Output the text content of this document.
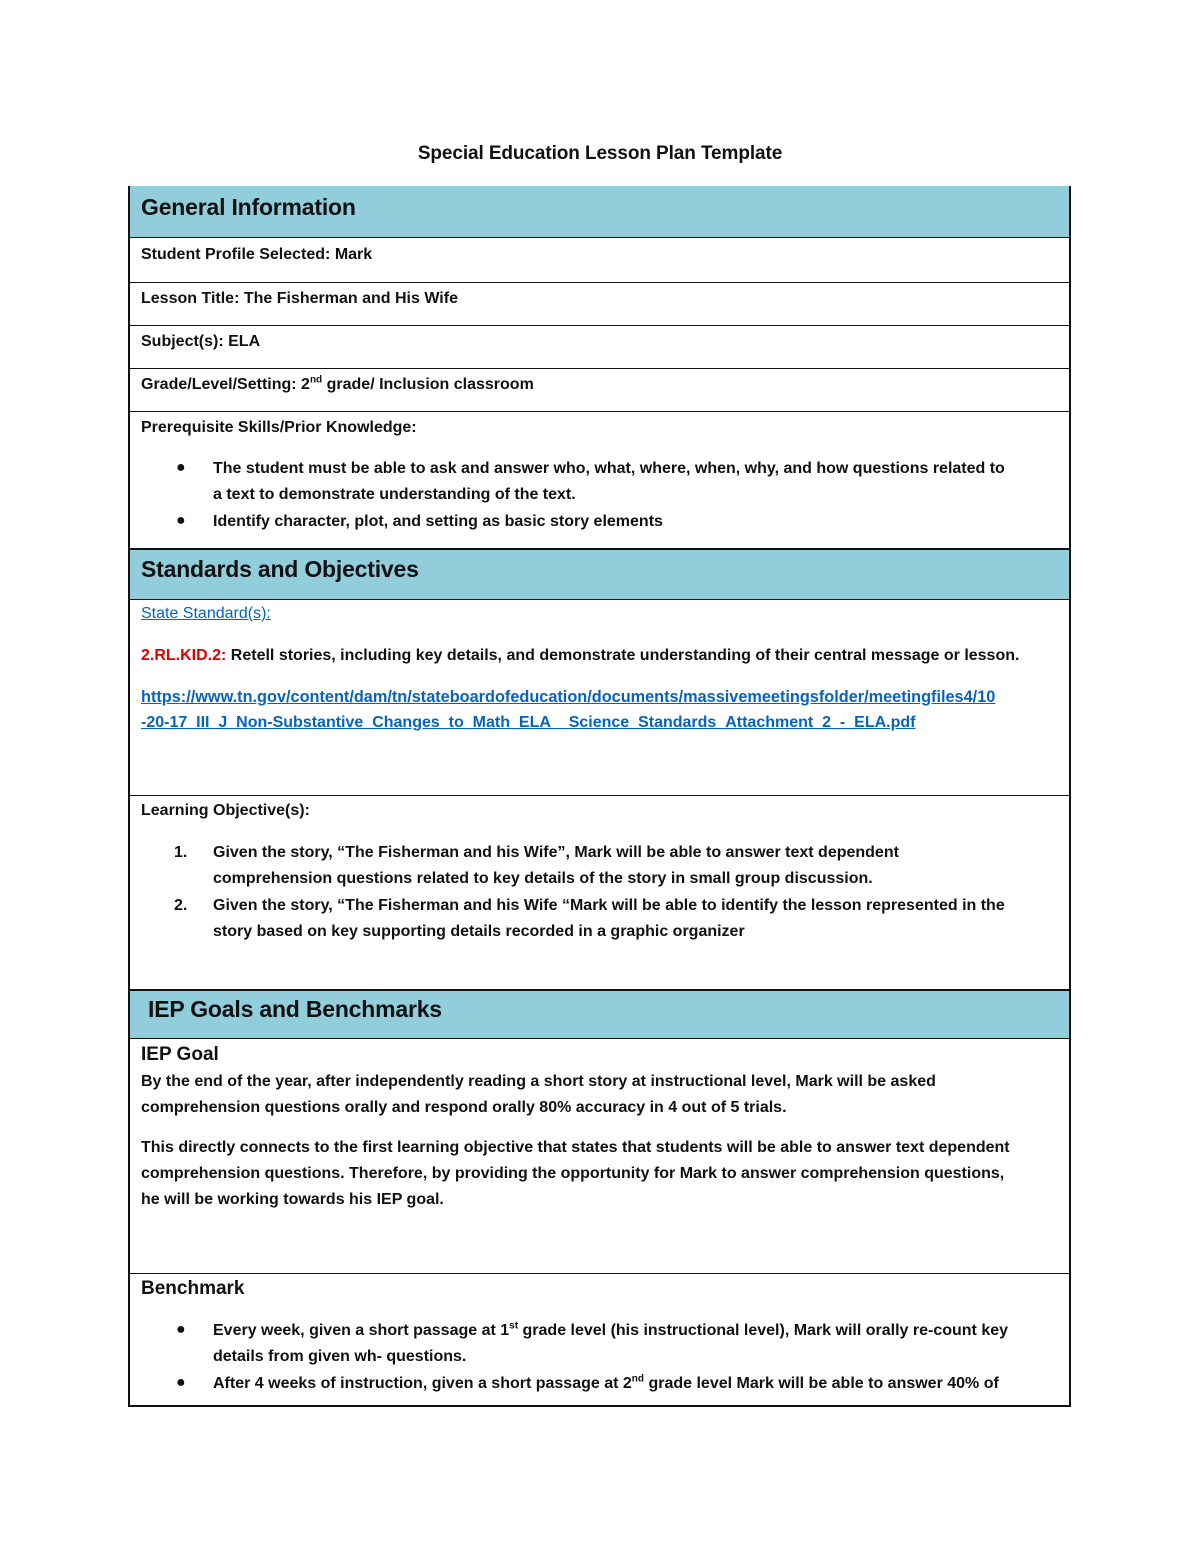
Special Education Lesson Plan Template
General Information
Student Profile Selected: Mark
Lesson Title: The Fisherman and His Wife
Subject(s): ELA
Grade/Level/Setting: 2nd grade/ Inclusion classroom
Prerequisite Skills/Prior Knowledge:
● The student must be able to ask and answer who, what, where, when, why, and how questions related to
a text to demonstrate understanding of the text.
● Identify character, plot, and setting as basic story elements
Standards and Objectives
State Standard(s):
2.RL.KID.2: Retell stories, including key details, and demonstrate understanding of their central message or lesson.
https://www.tn.gov/content/dam/tn/stateboardofeducation/documents/massivemeetingsfolder/meetingfiles4/10
-20-17_III_J_Non-Substantive_Changes_to_Math_ELA__Science_Standards_Attachment_2_-_ELA.pdf
Learning Objective(s):
1. Given the story, “The Fisherman and his Wife”, Mark will be able to answer text dependent
comprehension questions related to key details of the story in small group discussion.
2. Given the story, “The Fisherman and his Wife “Mark will be able to identify the lesson represented in the
story based on key supporting details recorded in a graphic organizer
IEP Goals and Benchmarks
IEP Goal
By the end of the year, after independently reading a short story at instructional level, Mark will be asked
comprehension questions orally and respond orally 80% accuracy in 4 out of 5 trials.
This directly connects to the first learning objective that states that students will be able to answer text dependent
comprehension questions. Therefore, by providing the opportunity for Mark to answer comprehension questions,
he will be working towards his IEP goal.
Benchmark
● Every week, given a short passage at 1st grade level (his instructional level), Mark will orally re-count key
details from given wh- questions.
● After 4 weeks of instruction, given a short passage at 2nd grade level Mark will be able to answer 40% of
